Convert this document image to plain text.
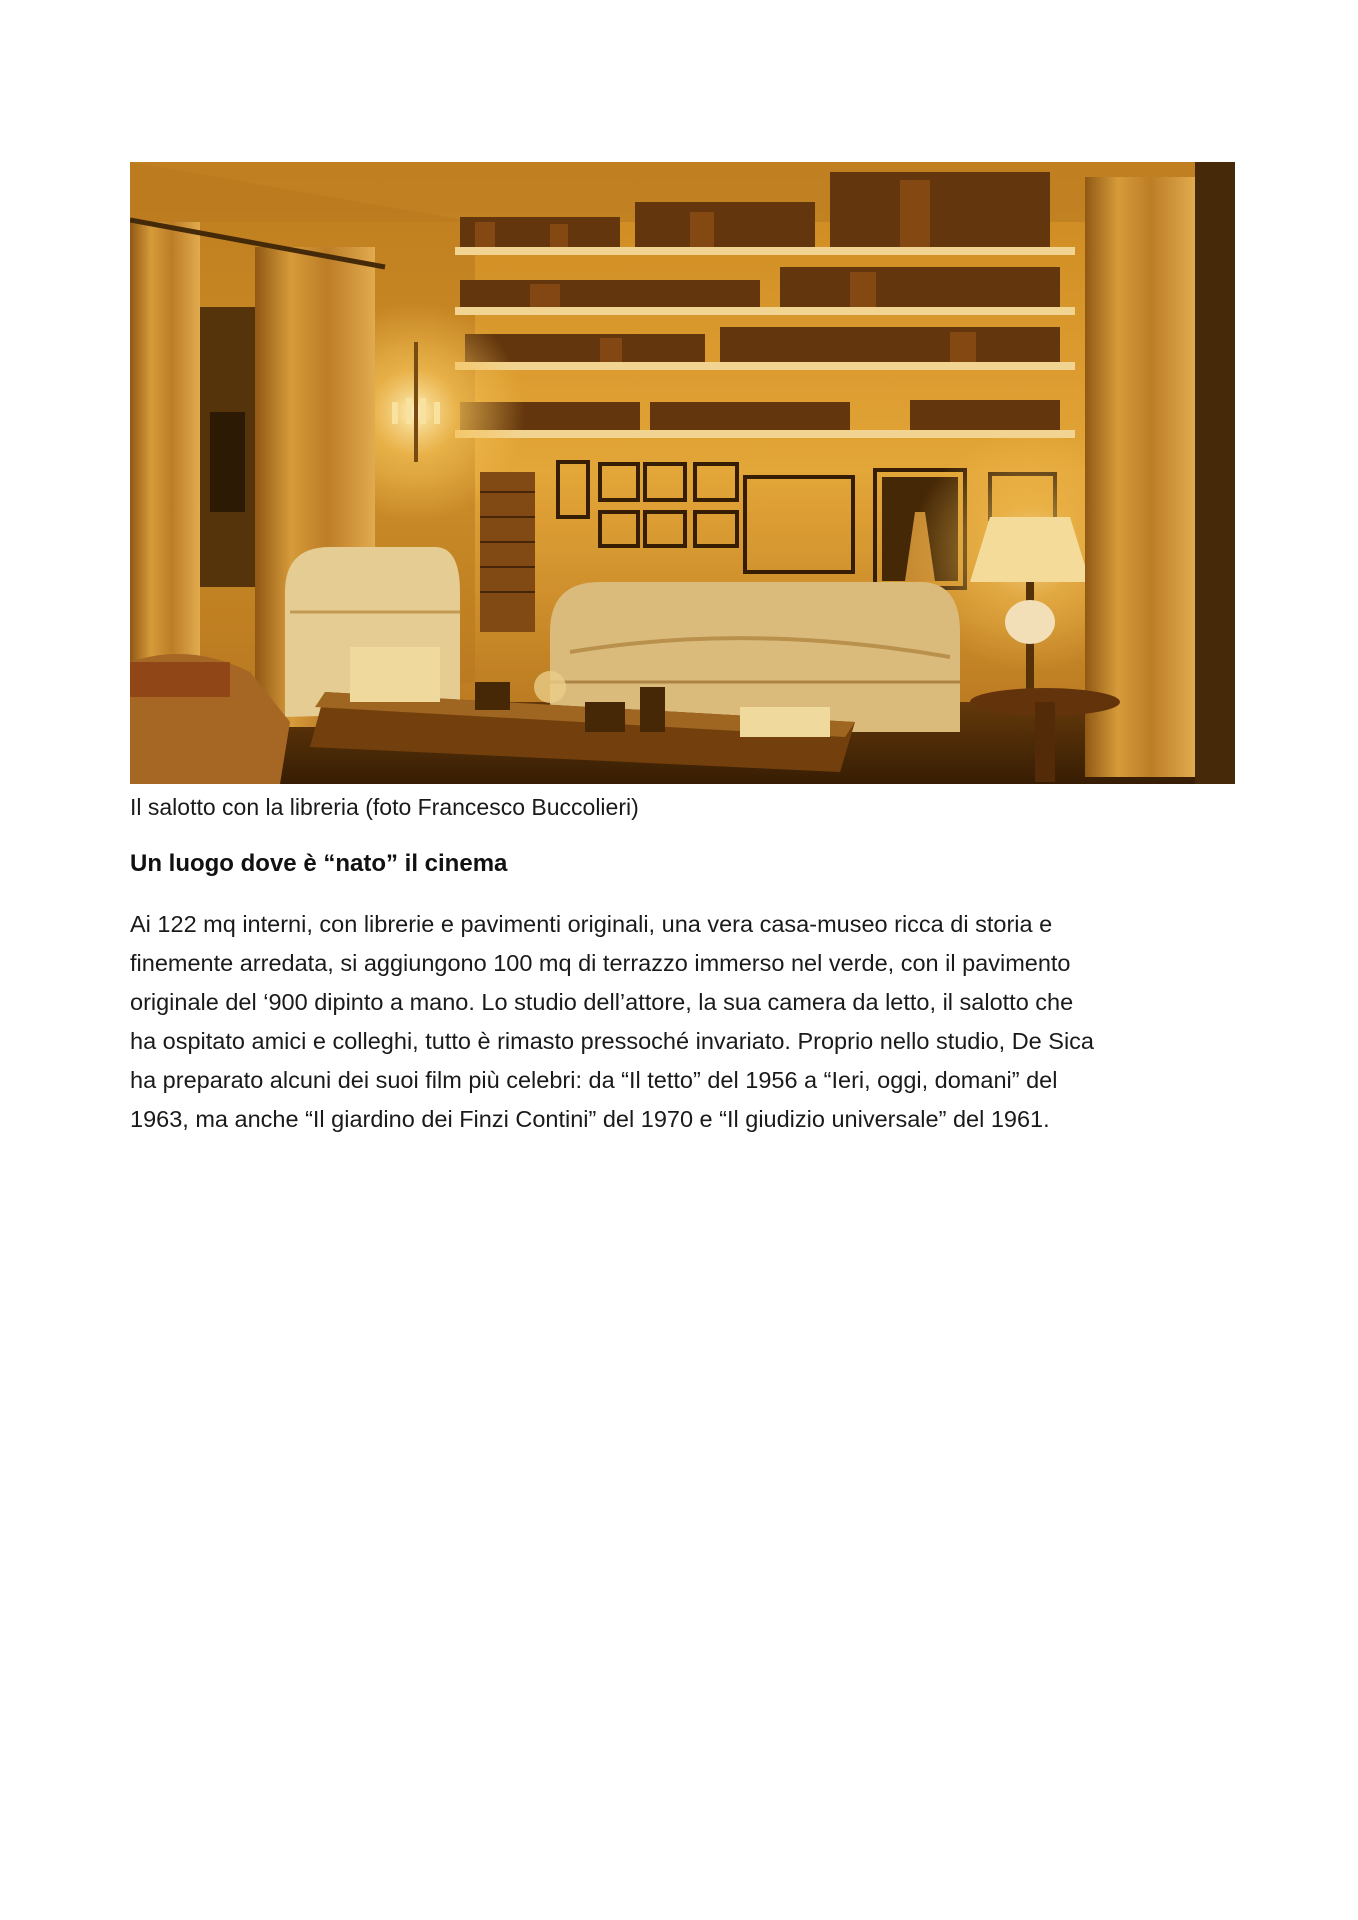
Il salotto con la libreria (foto Francesco Buccolieri)
Un luogo dove è “nato” il cinema
Ai 122 mq interni, con librerie e pavimenti originali, una vera casa-museo ricca di storia e
finemente arredata, si aggiungono 100 mq di terrazzo immerso nel verde, con il pavimento
originale del ‘900 dipinto a mano. Lo studio dell’attore, la sua camera da letto, il salotto che
ha ospitato amici e colleghi, tutto è rimasto pressoché invariato. Proprio nello studio, De Sica
ha preparato alcuni dei suoi film più celebri: da “Il tetto” del 1956 a “Ieri, oggi, domani” del
1963, ma anche “Il giardino dei Finzi Contini” del 1970 e “Il giudizio universale” del 1961.
